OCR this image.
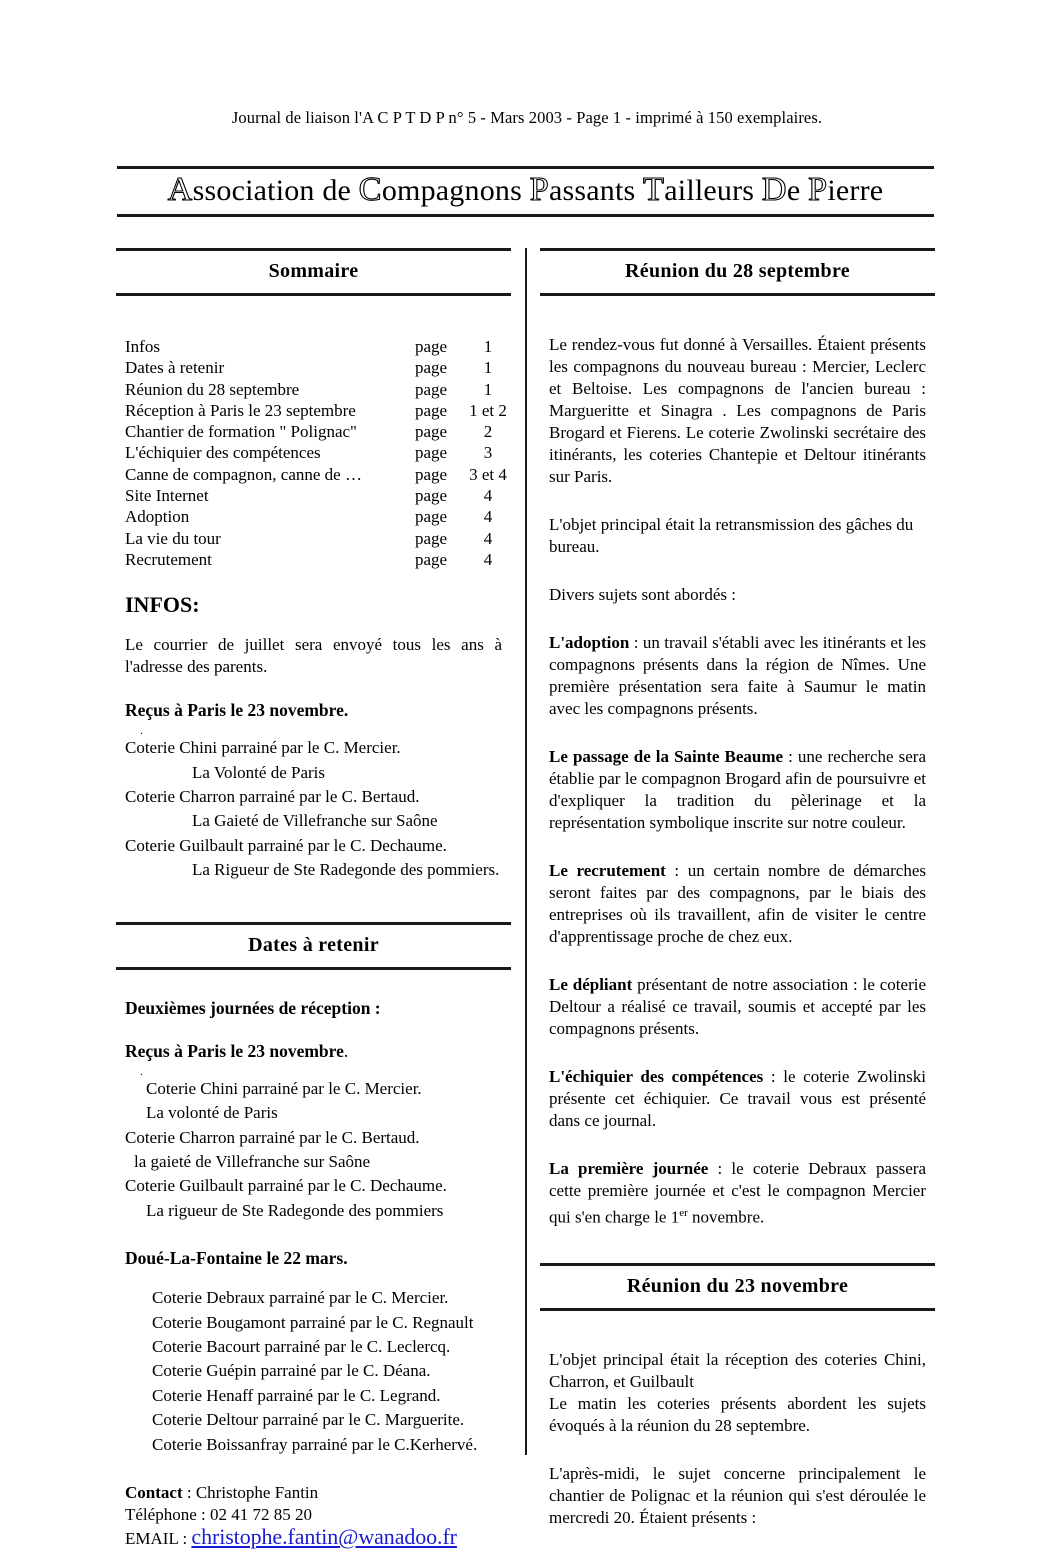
Journal de liaison l'A C P T D P n° 5 - Mars 2003 - Page 1 - imprimé à 150 exemplaires.
Association de Compagnons Passants Tailleurs De Pierre
Sommaire
Infos	page	1
Dates à retenir	page	1
Réunion du 28 septembre	page	1
Réception à Paris le 23 septembre	page	1 et 2
Chantier de formation " Polignac"	page	2
L'échiquier des compétences	page	3
Canne de compagnon, canne de …	page	3 et 4
Site Internet	page	4
Adoption	page	4
La vie du tour	page	4
Recrutement	page	4
INFOS:

Le courrier de juillet sera envoyé tous les ans à l'adresse des parents.

Reçus à Paris le 23 novembre.
.
Coterie Chini parrainé par le C. Mercier.
La Volonté de Paris
Coterie Charron parrainé par le C. Bertaud.
La Gaieté de Villefranche sur Saône
Coterie Guilbault parrainé par le C. Dechaume.
La Rigueur de Ste Radegonde des pommiers.
Dates à retenir
Deuxièmes journées de réception :
Reçus à Paris le 23 novembre.
.
Coterie Chini parrainé par le C. Mercier.
La volonté de Paris
Coterie Charron parrainé par le C. Bertaud.
la gaieté de Villefranche sur Saône
Coterie Guilbault parrainé par le C. Dechaume.
La rigueur de Ste Radegonde des pommiers
Doué-La-Fontaine le 22 mars.
Coterie Debraux parrainé par le C. Mercier.
Coterie Bougamont parrainé par le C. Regnault
Coterie Bacourt parrainé par le C. Leclercq.
Coterie Guépin parrainé par le C. Déana.
Coterie Henaff parrainé par le C. Legrand.
Coterie Deltour parrainé par le C. Marguerite.
Coterie Boissanfray parrainé par le C.Kerhervé.
Contact : Christophe Fantin
Téléphone : 02 41 72 85 20
EMAIL : christophe.fantin@wanadoo.fr
Réunion du 28 septembre

Le rendez-vous fut donné à Versailles. Étaient présents les compagnons du nouveau bureau : Mercier, Leclerc et Beltoise. Les compagnons de l'ancien bureau : Margueritte et Sinagra . Les compagnons de Paris Brogard et Fierens. Le coterie Zwolinski secrétaire des itinérants, les coteries Chantepie et Deltour itinérants sur Paris.

L'objet principal était la retransmission des gâches du bureau.

Divers sujets sont abordés :

L'adoption : un travail s'établi avec les itinérants et les compagnons présents dans la région de Nîmes. Une première présentation sera faite à Saumur le matin avec les compagnons présents.

Le passage de la Sainte Beaume : une recherche sera établie par le compagnon Brogard afin de poursuivre et d'expliquer la tradition du pèlerinage et la représentation symbolique inscrite sur notre couleur.

Le recrutement : un certain nombre de démarches seront faites par des compagnons, par le biais des entreprises où ils travaillent, afin de visiter le centre d'apprentissage proche de chez eux.

Le dépliant présentant de notre association : le coterie Deltour a réalisé ce travail, soumis et accepté par les compagnons présents.

L'échiquier des compétences : le coterie Zwolinski présente cet échiquier. Ce travail vous est présenté dans ce journal.

La première journée : le coterie Debraux passera cette première journée et c'est le compagnon Mercier qui s'en charge le 1er novembre.

Réunion du 23 novembre

L'objet principal était la réception des coteries Chini, Charron, et Guilbault

Le matin les coteries présents abordent les sujets évoqués à la réunion du 28 septembre.

L'après-midi, le sujet concerne principalement le chantier de Polignac et la réunion qui s'est déroulée le mercredi 20. Étaient présents :
